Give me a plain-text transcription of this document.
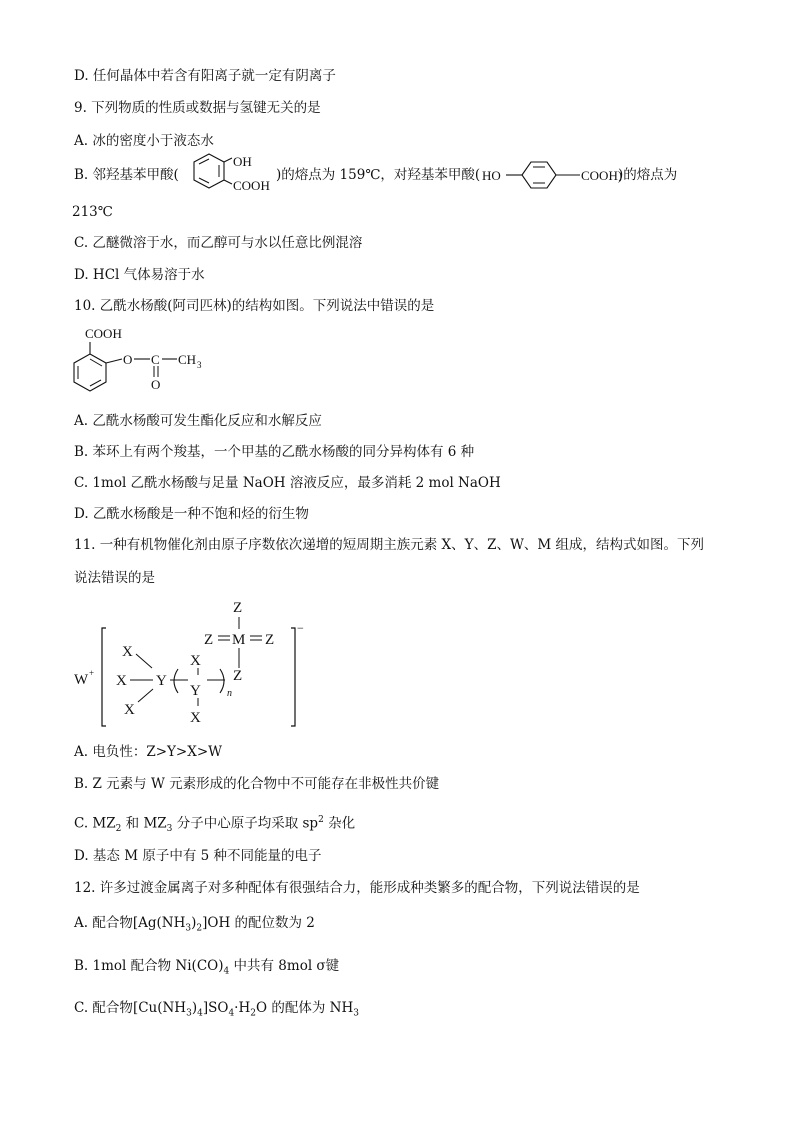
D. 任何晶体中若含有阳离子就一定有阴离子
9. 下列物质的性质或数据与氢键无关的是
A. 冰的密度小于液态水
B. 邻羟基苯甲酸(
OH
COOH
)的熔点为 159℃，对羟基苯甲酸( HO	COOH)
)的熔点为
213℃
C. 乙醚微溶于水，而乙醇可与水以任意比例混溶
D. HCl 气体易溶于水
10. 乙酰水杨酸(阿司匹林)的结构如图。下列说法中错误的是
COOH
O C CH 3
O
A. 乙酰水杨酸可发生酯化反应和水解反应
B. 苯环上有两个羧基，一个甲基的乙酰水杨酸的同分异构体有 6 种
C. 1mol 乙酰水杨酸与足量 NaOH 溶液反应，最多消耗 2 mol NaOH
D. 乙酰水杨酸是一种不饱和烃的衍生物
11. 一种有机物催化剂由原子序数依次递增的短周期主族元素 X、Y、Z、W、M 组成，结构式如图。下列
说法错误的是
W +
−
X
X
X
Y
X
Y
X
n
Z
M
Z
Z	Z
A. 电负性：Z>Y>X>W
B. Z 元素与 W 元素形成的化合物中不可能存在非极性共价键
C. $MZ_2$ 和 $MZ_3$ 分子中心原子均采取 $sp^2$ 杂化
D. 基态 M 原子中有 5 种不同能量的电子
12. 许多过渡金属离子对多种配体有很强结合力，能形成种类繁多的配合物，下列说法错误的是
A. 配合物$[Ag(NH_3)_2]OH$ 的配位数为 2
B. 1mol 配合物 $Ni(CO)_4$ 中共有 8mol σ键
C. 配合物$[Cu(NH_3)_4]SO_4\cdot H_2O$ 的配体为 $NH_3$
